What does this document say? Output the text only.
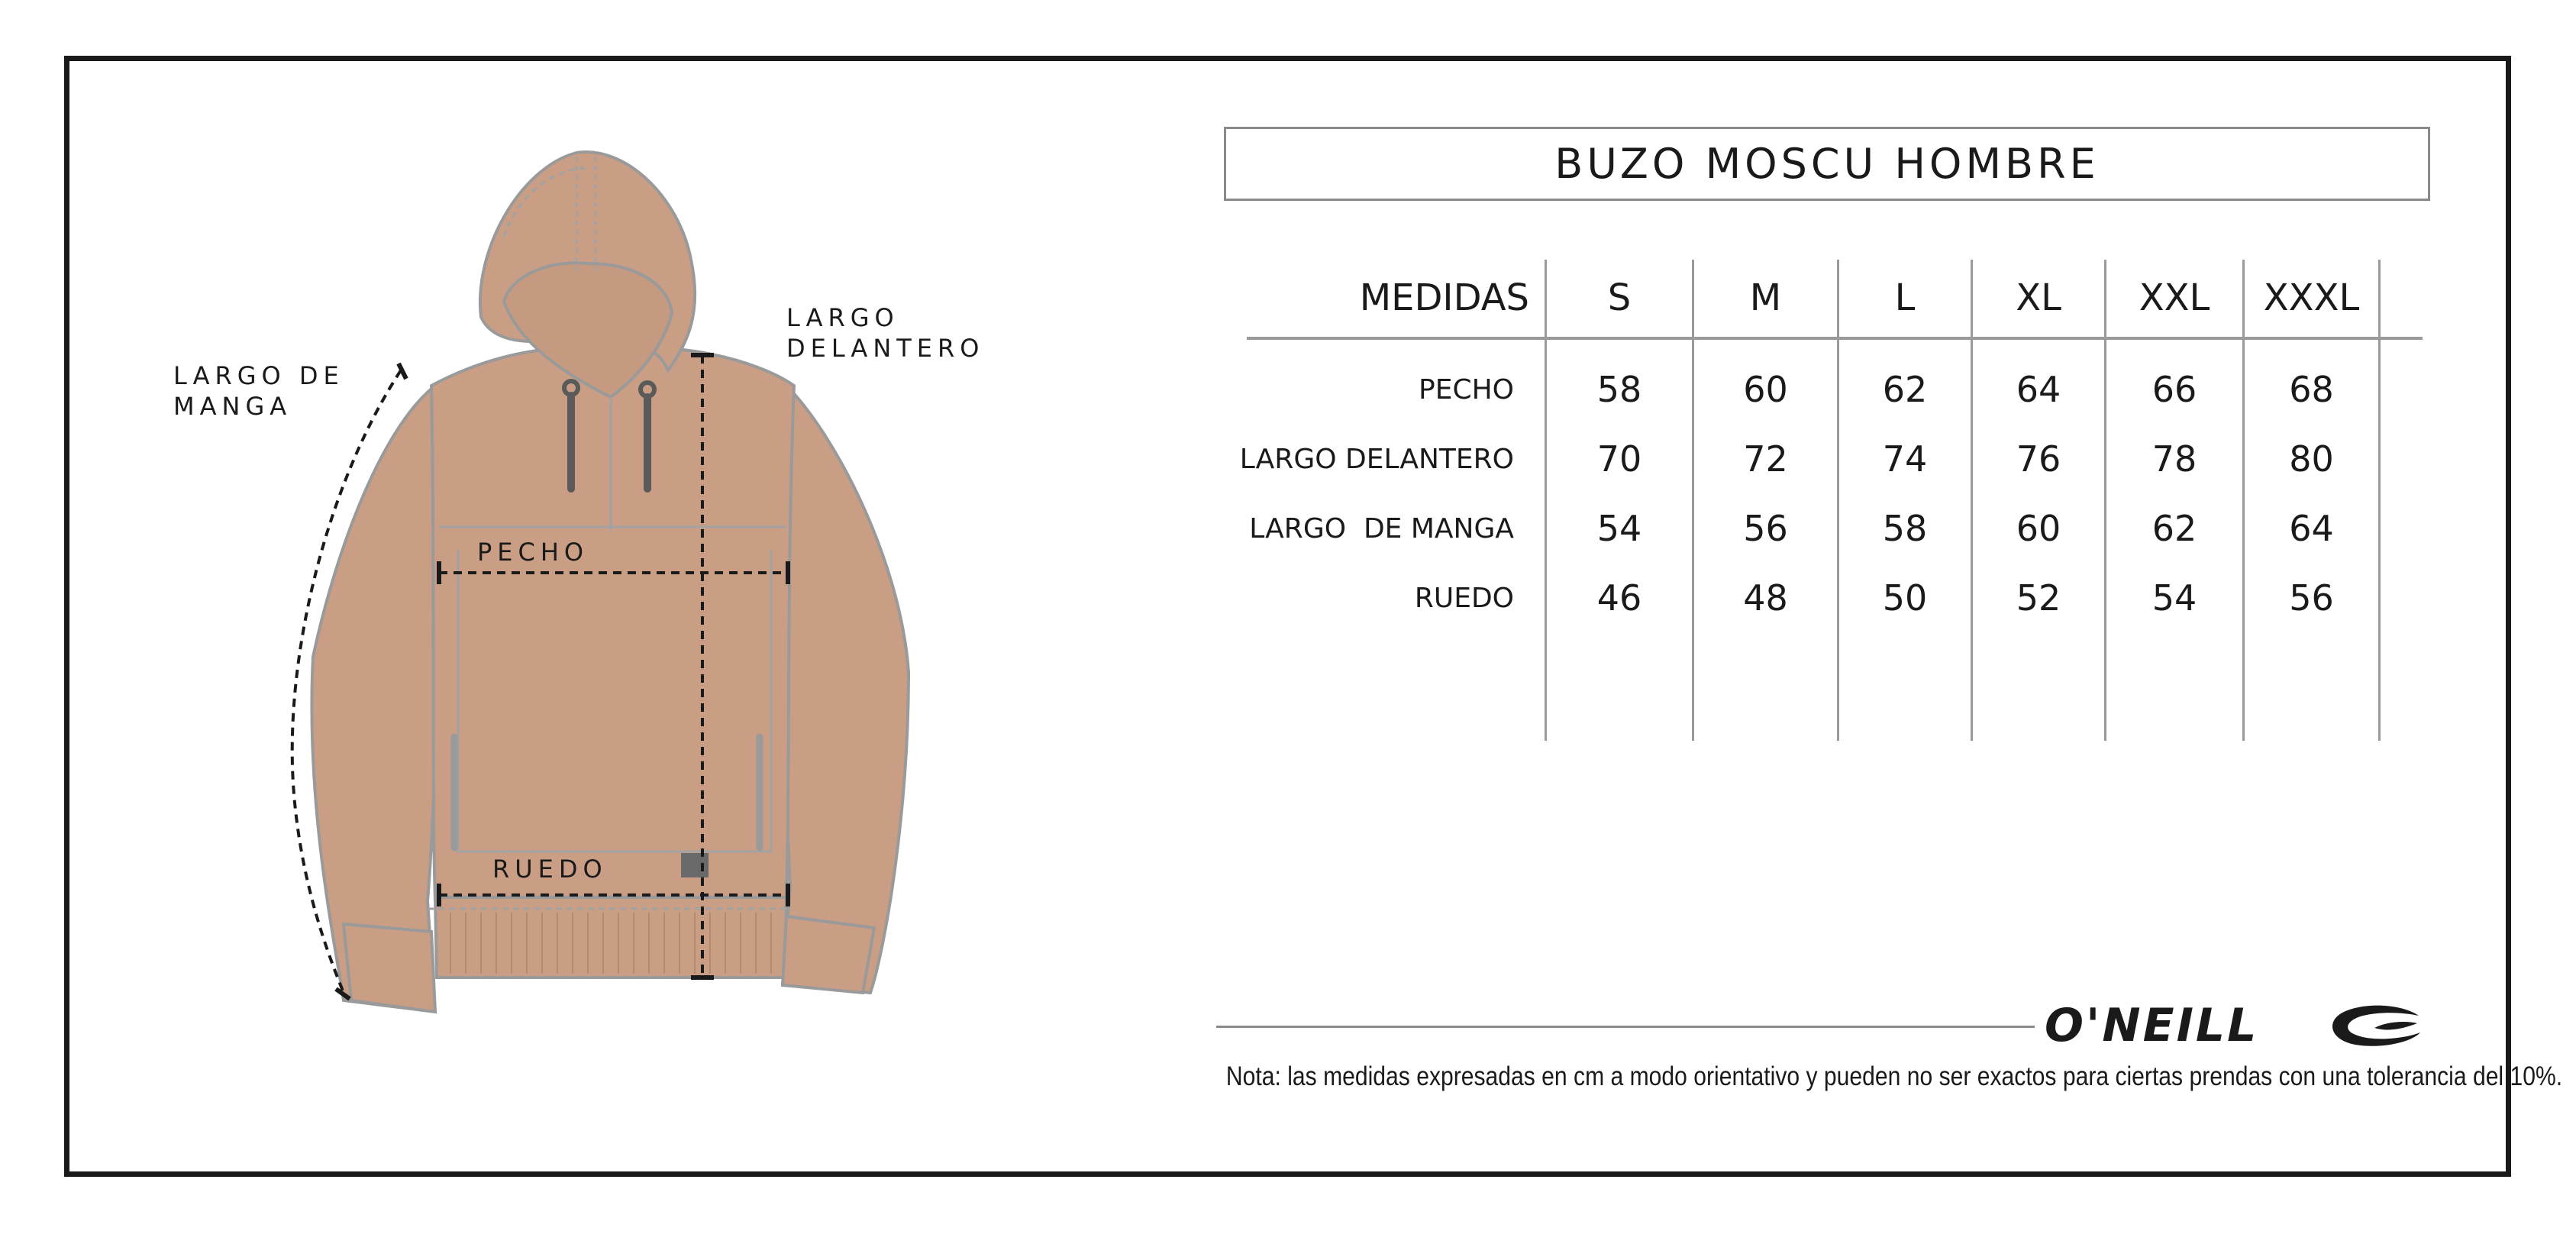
LARGO DE
MANGA
LARGO
DELANTERO
PECHO
RUEDO
BUZO MOSCU HOMBRE
MEDIDAS	S	M	L	XL	XXL	XXXL
PECHO	58	60	62	64	66	68
LARGO DELANTERO	70	72	74	76	78	80
LARGO  DE MANGA	54	56	58	60	62	64
RUEDO	46	48	50	52	54	56
O'NEILL
Nota: las medidas expresadas en cm a modo orientativo y pueden no ser exactos para ciertas prendas con una tolerancia del 10%.
